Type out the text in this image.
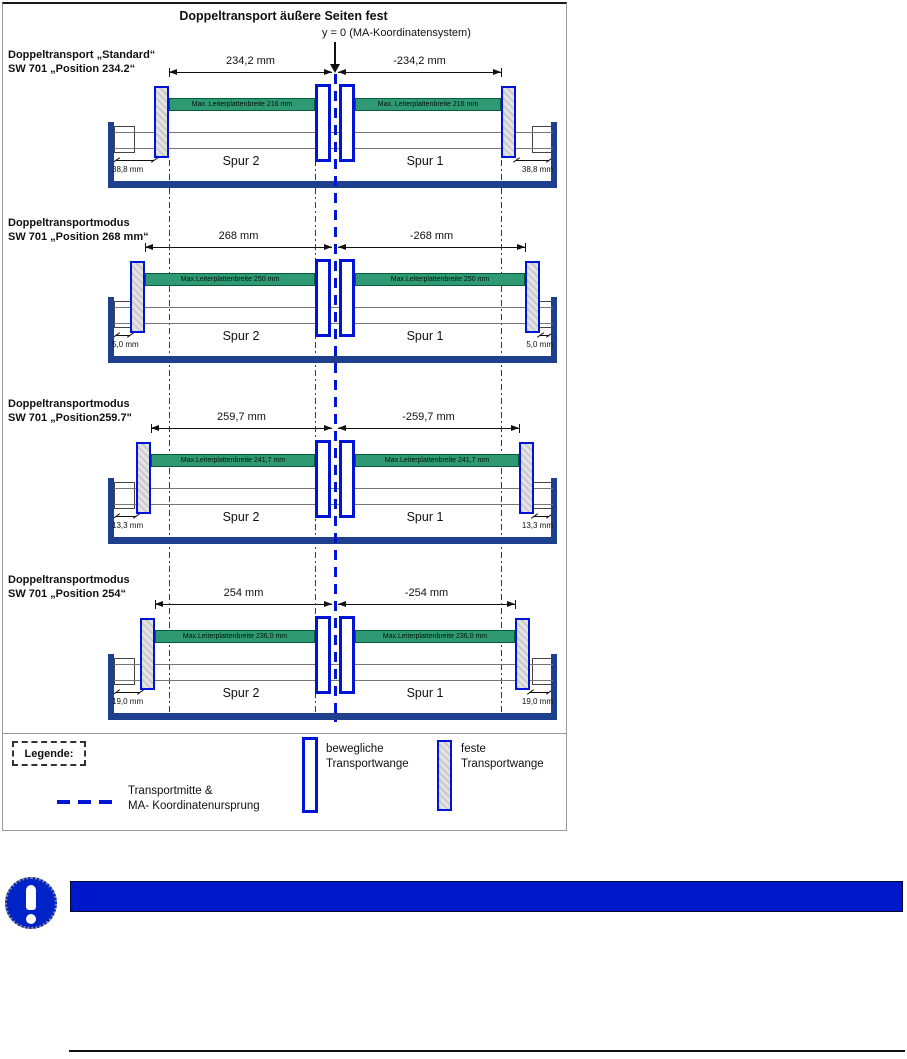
Doppeltransport äußere Seiten fest
y = 0 (MA-Koordinatensystem)
Doppeltransport „Standard“
SW 701 „Position 234.2“
234,2 mm	-234,2 mm
Max. Leiterplattenbreite 216 mm	Max. Leiterplattenbreite 216 mm
Spur 2	Spur 1
38,8 mm	38,8 mm
Doppeltransportmodus
SW 701 „Position 268 mm“	268 mm	-268 mm
Max.Leiterplattenbreite 250 mm	Max.Leiterplattenbreite 250 mm
Spur 2	Spur 1
5,0 mm	5,0 mm
Doppeltransportmodus
SW 701 „Position259.7"	259,7 mm	-259,7 mm
Max.Leiterplattenbreite 241,7 mm	Max.Leiterplattenbreite 241,7 mm
Spur 2	Spur 1
13,3 mm	13,3 mm
Doppeltransportmodus
SW 701 „Position 254“	254 mm	-254 mm
Max.Leiterplattenbreite 236,0 mm	Max.Leiterplattenbreite 236,0 mm
Spur 2	Spur 1
19,0 mm	19,0 mm
Legende:
Transportmitte &
MA- Koordinatenursprung
bewegliche
Transportwange
feste
Transportwange
